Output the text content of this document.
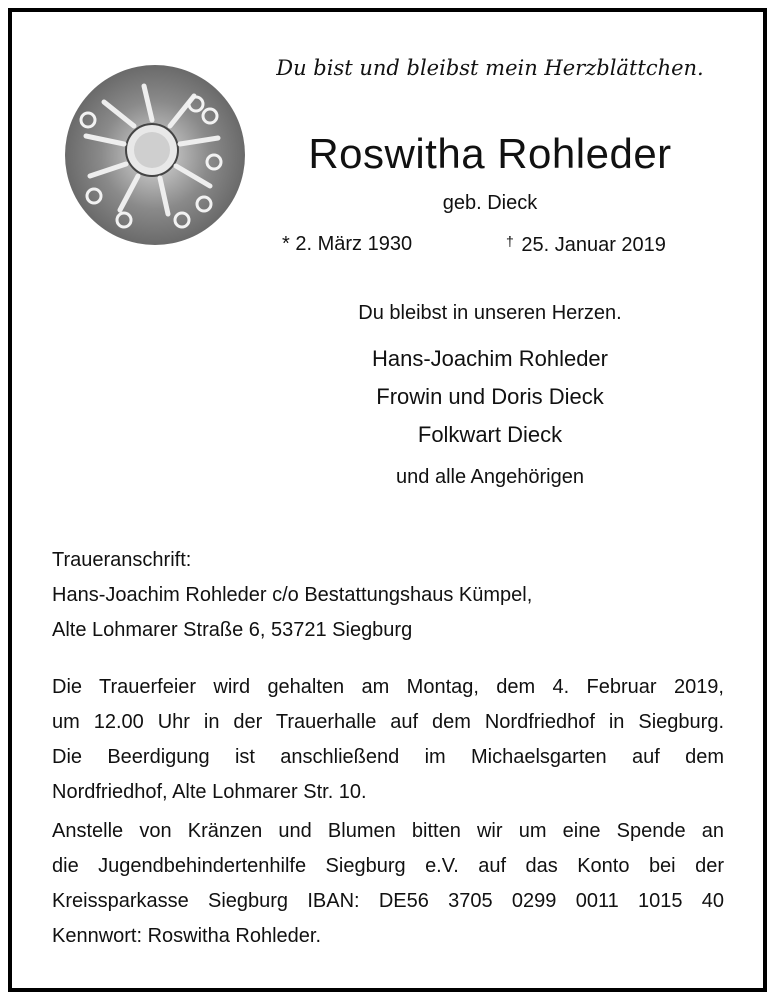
Du bist und bleibst mein Herzblättchen.
Roswitha Rohleder
geb. Dieck
* 2. März 1930	† 25. Januar 2019
Du bleibst in unseren Herzen.
Hans-Joachim Rohleder
Frowin und Doris Dieck
Folkwart Dieck
und alle Angehörigen
Traueranschrift:
Hans-Joachim Rohleder c/o Bestattungshaus Kümpel,
Alte Lohmarer Straße 6, 53721 Siegburg
Die Trauerfeier wird gehalten am Montag, dem 4. Februar 2019,
um 12.00 Uhr in der Trauerhalle auf dem Nordfriedhof in Siegburg.
Die Beerdigung ist anschließend im Michaelsgarten auf dem
Nordfriedhof, Alte Lohmarer Str. 10.
Anstelle von Kränzen und Blumen bitten wir um eine Spende an
die Jugendbehindertenhilfe Siegburg e.V. auf das Konto bei der
Kreissparkasse Siegburg IBAN: DE56 3705 0299 0011 1015 40
Kennwort: Roswitha Rohleder.
